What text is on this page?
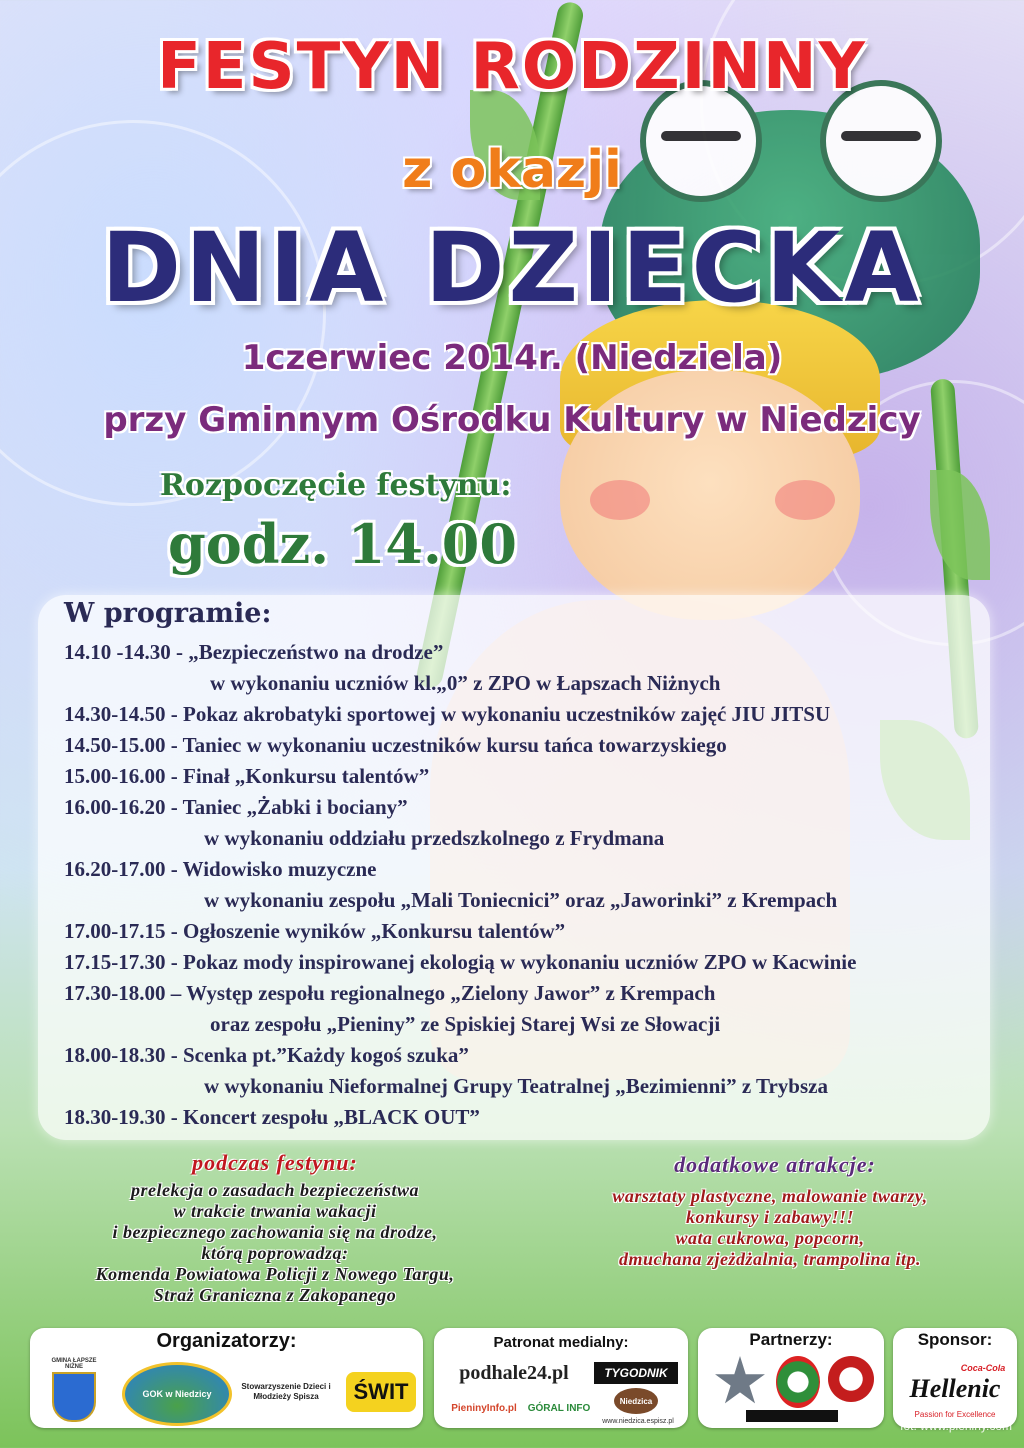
FESTYN RODZINNY
z okazji
DNIA DZIECKA
1czerwiec 2014r. (Niedziela)
przy Gminnym Ośrodku Kultury w Niedzicy
Rozpoczęcie festynu:
godz. 14.00
W programie:
14.10 -14.30 - „Bezpieczeństwo na drodze”
w wykonaniu uczniów kl.„0” z ZPO w Łapszach Niżnych
14.30-14.50 - Pokaz akrobatyki sportowej w wykonaniu uczestników zajęć JIU JITSU
14.50-15.00 - Taniec w wykonaniu uczestników kursu tańca towarzyskiego
15.00-16.00 - Finał „Konkursu talentów”
16.00-16.20 - Taniec „Żabki i bociany”
w wykonaniu oddziału przedszkolnego z Frydmana
16.20-17.00 - Widowisko muzyczne
w wykonaniu zespołu „Mali Toniecnici” oraz „Jaworinki” z Krempach
17.00-17.15 - Ogłoszenie wyników „Konkursu talentów”
17.15-17.30 - Pokaz mody inspirowanej ekologią w wykonaniu uczniów ZPO w Kacwinie
17.30-18.00 – Występ zespołu regionalnego „Zielony Jawor” z Krempach
oraz zespołu „Pieniny” ze Spiskiej Starej Wsi ze Słowacji
18.00-18.30 - Scenka pt.”Każdy kogoś szuka”
w wykonaniu Nieformalnej Grupy Teatralnej „Bezimienni” z Trybsza
18.30-19.30 - Koncert zespołu „BLACK OUT”
podczas festynu:
prelekcja o zasadach bezpieczeństwa
w trakcie trwania wakacji
i bezpiecznego zachowania się na drodze,
którą poprowadzą:
Komenda Powiatowa Policji z Nowego Targu,
Straż Graniczna z Zakopanego
dodatkowe atrakcje:
warsztaty plastyczne, malowanie twarzy,
konkursy i zabawy!!!
wata cukrowa, popcorn,
dmuchana zjeżdżalnia, trampolina itp.
Organizatorzy:
GMINA ŁAPSZE NIŻNE
GOK w Niedzicy
Stowarzyszenie Dzieci i Młodzieży Spisza	ŚWIT
Patronat medialny:
podhale24.pl	TYGODNIK
PieninyInfo.pl GÓRAL INFO
Niedzica
www.niedzica.espisz.pl
Partnerzy:	Sponsor:
Coca-Cola
Hellenic
Passion for Excellence
fot. www.pieniny.com
